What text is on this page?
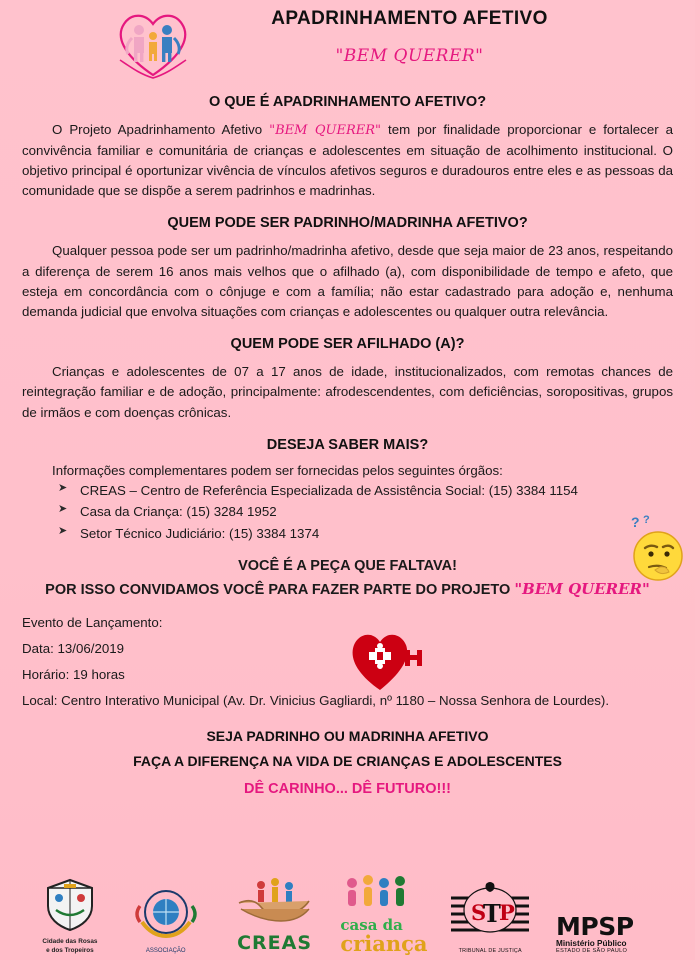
APADRINHAMENTO AFETIVO
"BEM QUERER"
O QUE É APADRINHAMENTO AFETIVO?

O Projeto Apadrinhamento Afetivo "BEM QUERER" tem por finalidade proporcionar e fortalecer a convivência familiar e comunitária de crianças e adolescentes em situação de acolhimento institucional. O objetivo principal é oportunizar vivência de vínculos afetivos seguros e duradouros entre eles e as pessoas da comunidade que se dispõe a serem padrinhos e madrinhas.

QUEM PODE SER PADRINHO/MADRINHA AFETIVO?

Qualquer pessoa pode ser um padrinho/madrinha afetivo, desde que seja maior de 23 anos, respeitando a diferença de serem 16 anos mais velhos que o afilhado (a), com disponibilidade de tempo e afeto, que esteja em concordância com o cônjuge e com a família; não estar cadastrado para adoção e, nenhuma demanda judicial que envolva situações com crianças e adolescentes ou qualquer outra relevância.

QUEM PODE SER AFILHADO (A)?

Crianças e adolescentes de 07 a 17 anos de idade, institucionalizados, com remotas chances de reintegração familiar e de adoção, principalmente: afrodescendentes, com deficiências, soropositivas, grupos de irmãos e com doenças crônicas.

DESEJA SABER MAIS?
Informações complementares podem ser fornecidas pelos seguintes órgãos:
➤ CREAS – Centro de Referência Especializada de Assistência Social: (15) 3384 1154
➤ Casa da Criança: (15) 3284 1952
➤ Setor Técnico Judiciário: (15) 3384 1374
VOCÊ É A PEÇA QUE FALTAVA!
POR ISSO CONVIDAMOS VOCÊ PARA FAZER PARTE DO PROJETO "BEM QUERER"
Evento de Lançamento:
Data: 13/06/2019
Horário: 19 horas
Local: Centro Interativo Municipal (Av. Dr. Vinicius Gagliardi, nº 1180 – Nossa Senhora de Lourdes).
SEJA PADRINHO OU MADRINHA AFETIVO
FAÇA A DIFERENÇA NA VIDA DE CRIANÇAS E ADOLESCENTES
DÊ CARINHO... DÊ FUTURO!!!
? ?
Cidade das Rosas
e dos Tropeiros	ASSOCIAÇÃO	CREAS
casa da
criança
S
T
P
TRIBUNAL DE JUSTIÇA
MPSP
Ministério Público
ESTADO DE SÃO PAULO
